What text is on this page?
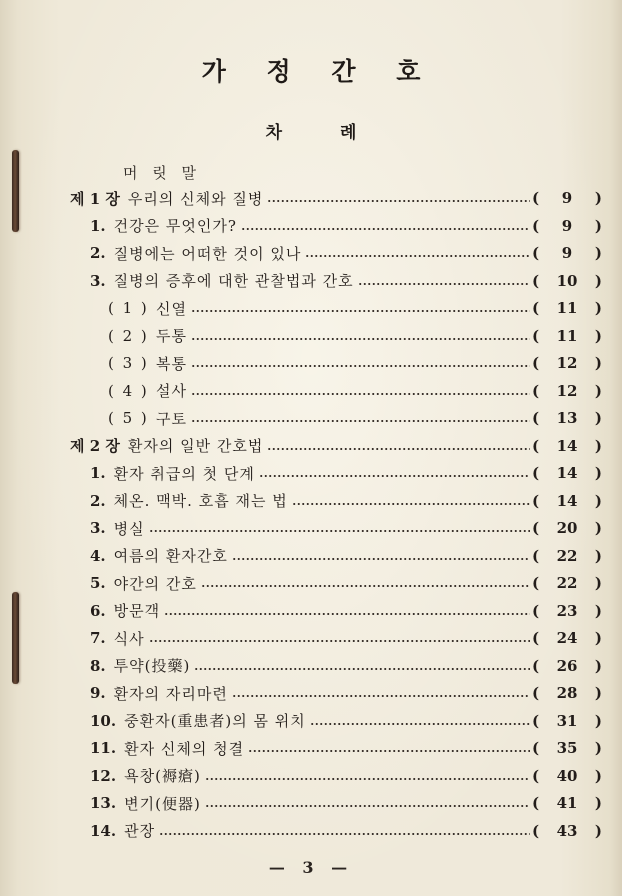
가 정 간 호
차 례
머 릿 말
제 1 장 우리의 신체와 질병	(	9	)
1. 건강은 무엇인가?	(	9	)
2. 질병에는 어떠한 것이 있나	(	9	)
3. 질병의 증후에 대한 관찰법과 간호	(	10	)
( 1 ) 신열	(	11	)
( 2 ) 두통	(	11	)
( 3 ) 복통	(	12	)
( 4 ) 설사	(	12	)
( 5 ) 구토	(	13	)
제 2 장 환자의 일반 간호법	(	14	)
1. 환자 취급의 첫 단계	(	14	)
2. 체온. 맥박. 호흡 재는 법	(	14	)
3. 병실	(	20	)
4. 여름의 환자간호	(	22	)
5. 야간의 간호	(	22	)
6. 방문객	(	23	)
7. 식사	(	24	)
8. 투약(投藥)	(	26	)
9. 환자의 자리마련	(	28	)
10. 중환자(重患者)의 몸 위치	(	31	)
11. 환자 신체의 청결	(	35	)
12. 욕창(褥瘡)	(	40	)
13. 변기(便器)	(	41	)
14. 관장	(	43	)
— 3 —
